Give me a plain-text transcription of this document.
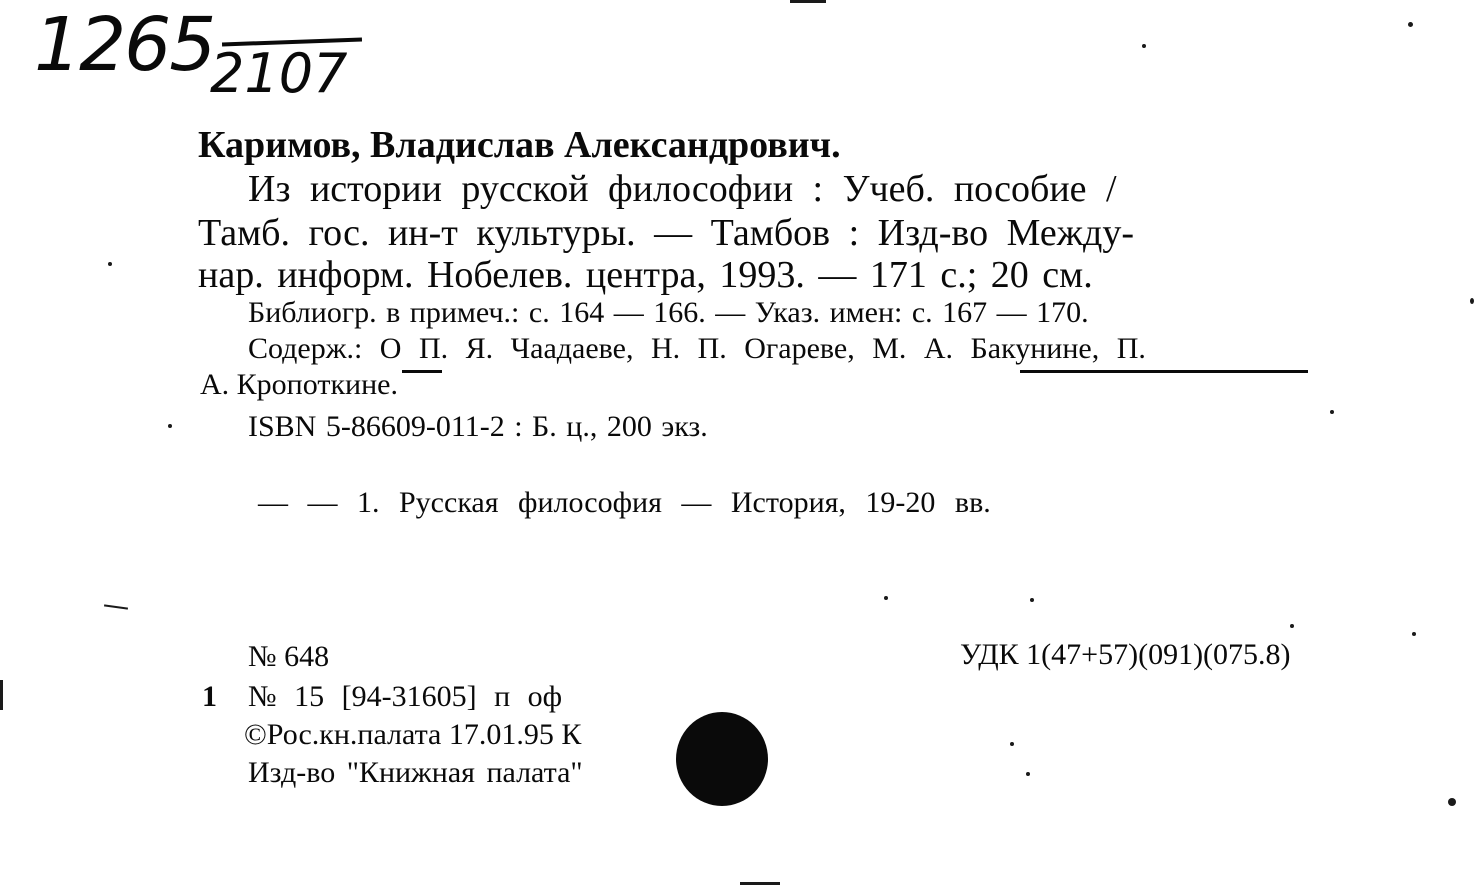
1265
2107
Каримов, Владислав Александрович.
Из истории русской философии : Учеб. пособие /
Тамб. гос. ин-т культуры. — Тамбов : Изд-во Между-
нар. информ. Нобелев. центра, 1993. — 171 с.; 20 см.
Библиогр. в примеч.: с. 164 — 166. — Указ. имен: с. 167 — 170.
Содерж.: О П. Я. Чаадаеве, Н. П. Огареве, М. А. Бакунине, П.
А. Кропоткине.
ISBN 5-86609-011-2 : Б. ц., 200 экз.
— — 1. Русская философия — История, 19-20 вв.
№ 648	УДК 1(47+57)(091)(075.8)
1 № 15 [94-31605] п оф
©Рос.кн.палата 17.01.95 К
Изд-во "Книжная палата"
